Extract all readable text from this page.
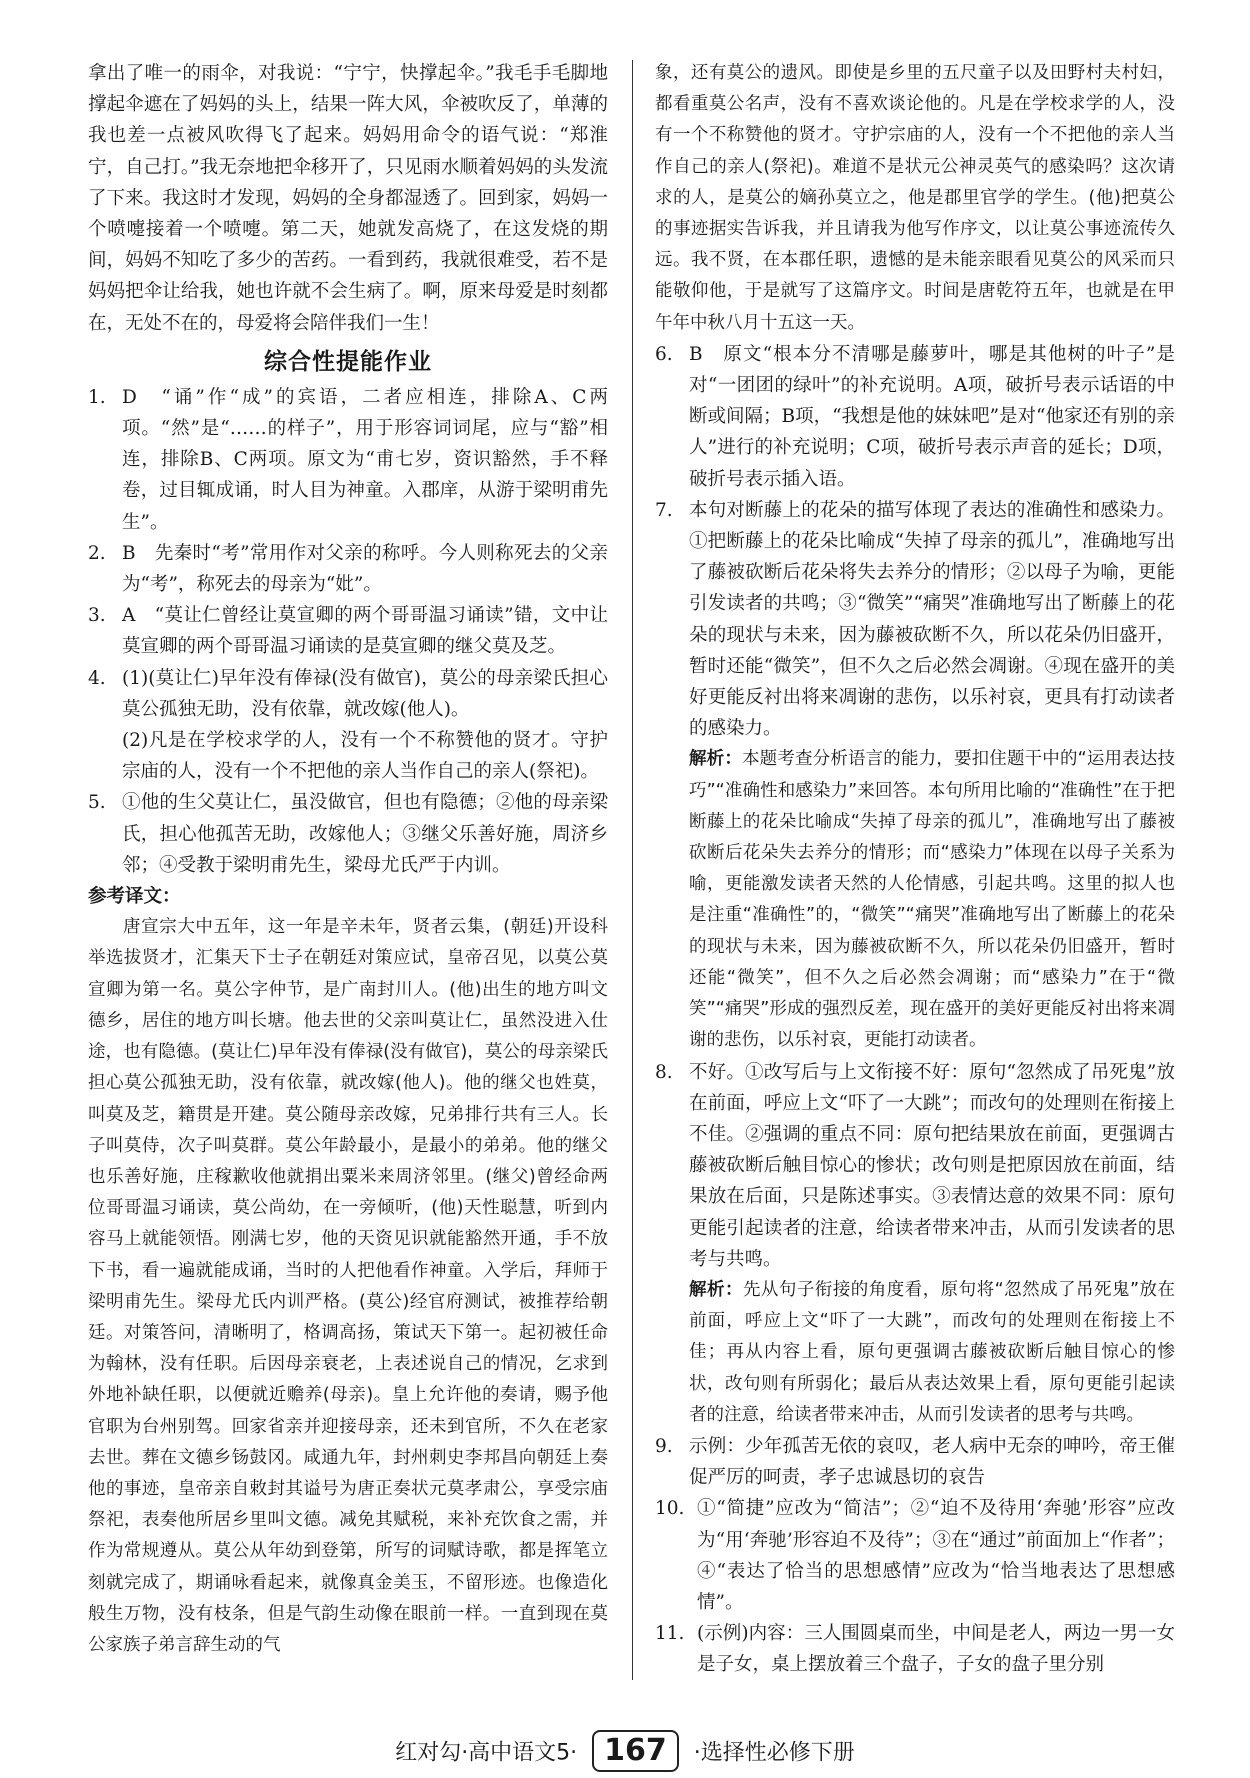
拿出了唯一的雨伞，对我说：“宁宁，快撑起伞。”我毛手毛脚地撑起伞遮在了妈妈的头上，结果一阵大风，伞被吹反了，单薄的我也差一点被风吹得飞了起来。妈妈用命令的语气说：“郑淮宁，自己打。”我无奈地把伞移开了，只见雨水顺着妈妈的头发流了下来。我这时才发现，妈妈的全身都湿透了。回到家，妈妈一个喷嚏接着一个喷嚏。第二天，她就发高烧了，在这发烧的期间，妈妈不知吃了多少的苦药。一看到药，我就很难受，若不是妈妈把伞让给我，她也许就不会生病了。啊，原来母爱是时刻都在，无处不在的，母爱将会陪伴我们一生！

综合性提能作业
1. D　“诵”作“成”的宾语，二者应相连，排除A、C两项。“然”是“……的样子”，用于形容词词尾，应与“豁”相连，排除B、C两项。原文为“甫七岁，资识豁然，手不释卷，过目辄成诵，时人目为神童。入郡庠，从游于梁明甫先生”。
2. B　先秦时“考”常用作对父亲的称呼。今人则称死去的父亲为“考”，称死去的母亲为“妣”。
3. A　“莫让仁曾经让莫宣卿的两个哥哥温习诵读”错，文中让莫宣卿的两个哥哥温习诵读的是莫宣卿的继父莫及芝。
4. (1)(莫让仁)早年没有俸禄(没有做官)，莫公的母亲梁氏担心莫公孤独无助，没有依靠，就改嫁(他人)。
(2)凡是在学校求学的人，没有一个不称赞他的贤才。守护宗庙的人，没有一个不把他的亲人当作自己的亲人(祭祀)。
5. ①他的生父莫让仁，虽没做官，但也有隐德；②他的母亲梁氏，担心他孤苦无助，改嫁他人；③继父乐善好施，周济乡邻；④受教于梁明甫先生，梁母尤氏严于内训。

参考译文：

唐宣宗大中五年，这一年是辛未年，贤者云集，(朝廷)开设科举选拔贤才，汇集天下士子在朝廷对策应试，皇帝召见，以莫公莫宣卿为第一名。莫公字仲节，是广南封川人。(他)出生的地方叫文德乡，居住的地方叫长塘。他去世的父亲叫莫让仁，虽然没进入仕途，也有隐德。(莫让仁)早年没有俸禄(没有做官)，莫公的母亲梁氏担心莫公孤独无助，没有依靠，就改嫁(他人)。他的继父也姓莫，叫莫及芝，籍贯是开建。莫公随母亲改嫁，兄弟排行共有三人。长子叫莫侍，次子叫莫群。莫公年龄最小，是最小的弟弟。他的继父也乐善好施，庄稼歉收他就捐出粟米来周济邻里。(继父)曾经命两位哥哥温习诵读，莫公尚幼，在一旁倾听，(他)天性聪慧，听到内容马上就能领悟。刚满七岁，他的天资见识就能豁然开通，手不放下书，看一遍就能成诵，当时的人把他看作神童。入学后，拜师于梁明甫先生。梁母尤氏内训严格。(莫公)经官府测试，被推荐给朝廷。对策答问，清晰明了，格调高扬，策试天下第一。起初被任命为翰林，没有任职。后因母亲衰老，上表述说自己的情况，乞求到外地补缺任职，以便就近赡养(母亲)。皇上允许他的奏请，赐予他官职为台州别驾。回家省亲并迎接母亲，还未到官所，不久在老家去世。葬在文德乡钖鼓冈。咸通九年，封州刺史李邦昌向朝廷上奏他的事迹，皇帝亲自敕封其谥号为唐正奏状元莫孝肃公，享受宗庙祭祀，表奏他所居乡里叫文德。减免其赋税，来补充饮食之需，并作为常规遵从。莫公从年幼到登第，所写的词赋诗歌，都是挥笔立刻就完成了，期诵咏看起来，就像真金美玉，不留形迹。也像造化般生万物，没有枝条，但是气韵生动像在眼前一样。一直到现在莫公家族子弟言辞生动的气

象，还有莫公的遗风。即使是乡里的五尺童子以及田野村夫村妇，都看重莫公名声，没有不喜欢谈论他的。凡是在学校求学的人，没有一个不称赞他的贤才。守护宗庙的人，没有一个不把他的亲人当作自己的亲人(祭祀)。难道不是状元公神灵英气的感染吗？这次请求的人，是莫公的嫡孙莫立之，他是郡里官学的学生。(他)把莫公的事迹据实告诉我，并且请我为他写作序文，以让莫公事迹流传久远。我不贤，在本郡任职，遗憾的是未能亲眼看见莫公的风采而只能敬仰他，于是就写了这篇序文。时间是唐乾符五年，也就是在甲午年中秋八月十五这一天。

6. B　原文“根本分不清哪是藤萝叶，哪是其他树的叶子”是对“一团团的绿叶”的补充说明。A项，破折号表示话语的中断或间隔；B项，“我想是他的妹妹吧”是对“他家还有别的亲人”进行的补充说明；C项，破折号表示声音的延长；D项，破折号表示插入语。
7. 本句对断藤上的花朵的描写体现了表达的准确性和感染力。①把断藤上的花朵比喻成“失掉了母亲的孤儿”，准确地写出了藤被砍断后花朵将失去养分的情形；②以母子为喻，更能引发读者的共鸣；③“微笑”“痛哭”准确地写出了断藤上的花朵的现状与未来，因为藤被砍断不久，所以花朵仍旧盛开，暂时还能“微笑”，但不久之后必然会凋谢。④现在盛开的美好更能反衬出将来凋谢的悲伤，以乐衬哀，更具有打动读者的感染力。
解析：本题考查分析语言的能力，要扣住题干中的“运用表达技巧”“准确性和感染力”来回答。本句所用比喻的“准确性”在于把断藤上的花朵比喻成“失掉了母亲的孤儿”，准确地写出了藤被砍断后花朵失去养分的情形；而“感染力”体现在以母子关系为喻，更能激发读者天然的人伦情感，引起共鸣。这里的拟人也是注重“准确性”的，“微笑”“痛哭”准确地写出了断藤上的花朵的现状与未来，因为藤被砍断不久，所以花朵仍旧盛开，暂时还能“微笑”，但不久之后必然会凋谢；而“感染力”在于“微笑”“痛哭”形成的强烈反差，现在盛开的美好更能反衬出将来凋谢的悲伤，以乐衬哀，更能打动读者。
8. 不好。①改写后与上文衔接不好：原句“忽然成了吊死鬼”放在前面，呼应上文“吓了一大跳”；而改句的处理则在衔接上不佳。②强调的重点不同：原句把结果放在前面，更强调古藤被砍断后触目惊心的惨状；改句则是把原因放在前面，结果放在后面，只是陈述事实。③表情达意的效果不同：原句更能引起读者的注意，给读者带来冲击，从而引发读者的思考与共鸣。
解析：先从句子衔接的角度看，原句将“忽然成了吊死鬼”放在前面，呼应上文“吓了一大跳”，而改句的处理则在衔接上不佳；再从内容上看，原句更强调古藤被砍断后触目惊心的惨状，改句则有所弱化；最后从表达效果上看，原句更能引起读者的注意，给读者带来冲击，从而引发读者的思考与共鸣。
9. 示例：少年孤苦无依的哀叹，老人病中无奈的呻吟，帝王催促严厉的呵责，孝子忠诚恳切的哀告
10. ①“简捷”应改为“简洁”；②“迫不及待用‘奔驰’形容”应改为“用‘奔驰’形容迫不及待”；③在“通过”前面加上“作者”；④“表达了恰当的思想感情”应改为“恰当地表达了思想感情”。
11. (示例)内容：三人围圆桌而坐，中间是老人，两边一男一女是子女，桌上摆放着三个盘子，子女的盘子里分别
红对勾·高中语文5· 167 ·选择性必修下册
